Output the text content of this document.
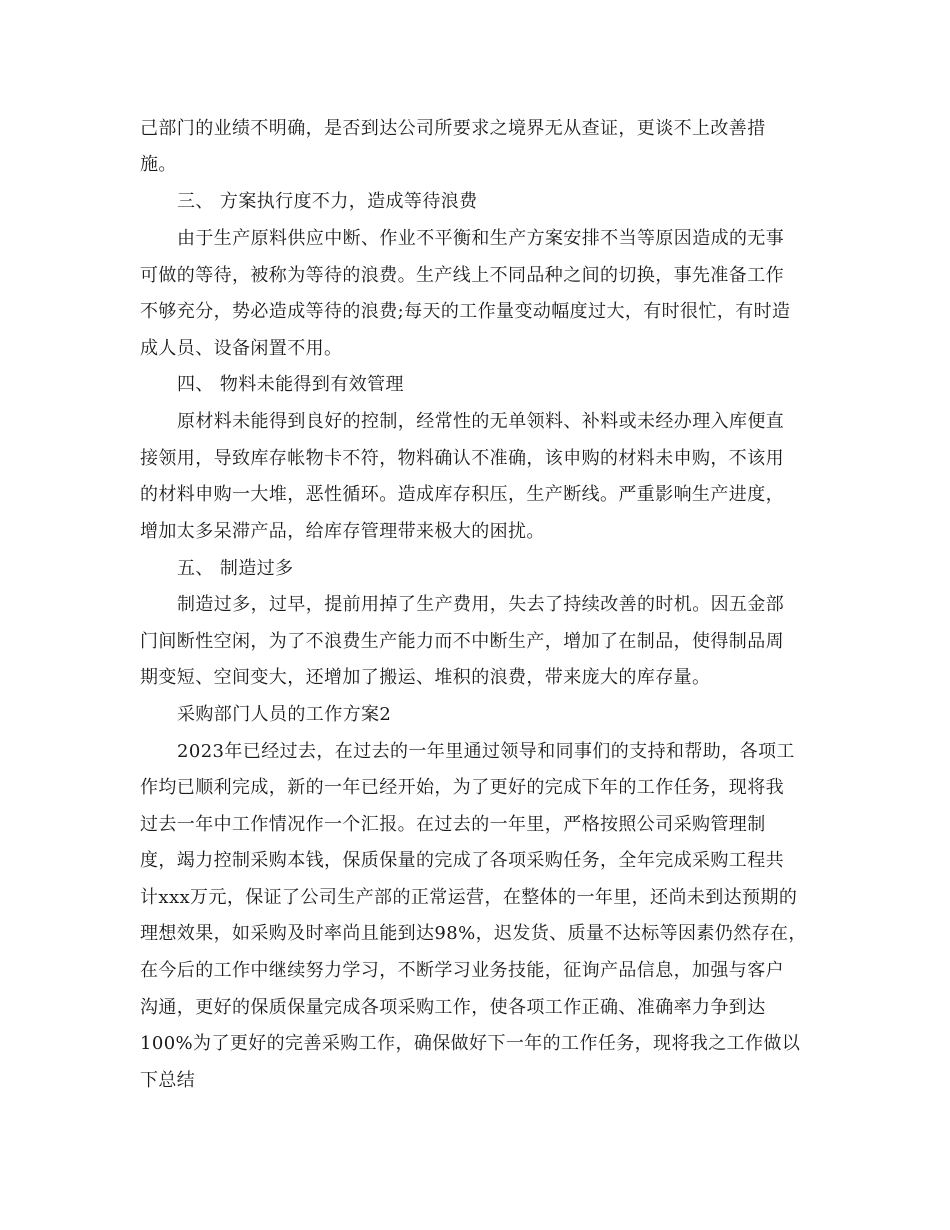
己部门的业绩不明确，是否到达公司所要求之境界无从查证，更谈不上改善措

施。

三、 方案执行度不力，造成等待浪费

由于生产原料供应中断、作业不平衡和生产方案安排不当等原因造成的无事

可做的等待，被称为等待的浪费。生产线上不同品种之间的切换，事先准备工作

不够充分，势必造成等待的浪费;每天的工作量变动幅度过大，有时很忙，有时造

成人员、设备闲置不用。

四、 物料未能得到有效管理

原材料未能得到良好的控制，经常性的无单领料、补料或未经办理入库便直

接领用，导致库存帐物卡不符，物料确认不准确，该申购的材料未申购，不该用

的材料申购一大堆，恶性循环。造成库存积压，生产断线。严重影响生产进度，

增加太多呆滞产品，给库存管理带来极大的困扰。

五、 制造过多

制造过多，过早，提前用掉了生产费用，失去了持续改善的时机。因五金部

门间断性空闲，为了不浪费生产能力而不中断生产，增加了在制品，使得制品周

期变短、空间变大，还增加了搬运、堆积的浪费，带来庞大的库存量。

采购部门人员的工作方案2

2023年已经过去，在过去的一年里通过领导和同事们的支持和帮助，各项工

作均已顺利完成，新的一年已经开始，为了更好的完成下年的工作任务，现将我

过去一年中工作情况作一个汇报。在过去的一年里，严格按照公司采购管理制

度，竭力控制采购本钱，保质保量的完成了各项采购任务，全年完成采购工程共

计xxx万元，保证了公司生产部的正常运营，在整体的一年里，还尚未到达预期的

理想效果，如采购及时率尚且能到达98%，迟发货、质量不达标等因素仍然存在，

在今后的工作中继续努力学习，不断学习业务技能，征询产品信息，加强与客户

沟通，更好的保质保量完成各项采购工作，使各项工作正确、准确率力争到达

100%为了更好的完善采购工作，确保做好下一年的工作任务，现将我之工作做以

下总结
